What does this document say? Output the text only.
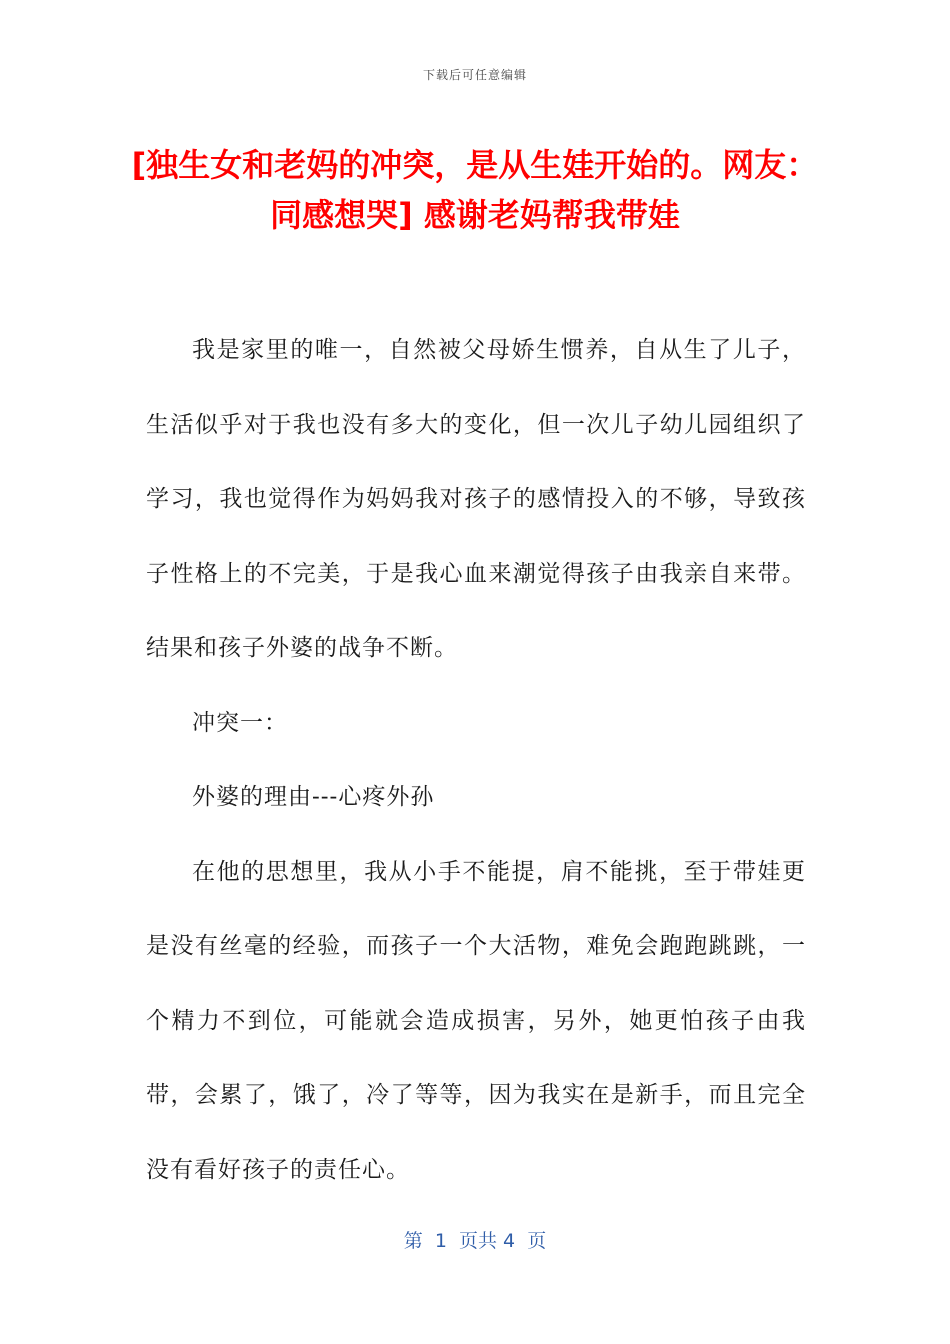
下载后可任意编辑
[独生女和老妈的冲突，是从生娃开始的。网友：同感想哭] 感谢老妈帮我带娃

我是家里的唯一，自然被父母娇生惯养，自从生了儿子，生活似乎对于我也没有多大的变化，但一次儿子幼儿园组织了学习，我也觉得作为妈妈我对孩子的感情投入的不够，导致孩子性格上的不完美，于是我心血来潮觉得孩子由我亲自来带。结果和孩子外婆的战争不断。

冲突一：

外婆的理由---心疼外孙

在他的思想里，我从小手不能提，肩不能挑，至于带娃更是没有丝毫的经验，而孩子一个大活物，难免会跑跑跳跳，一个精力不到位，可能就会造成损害，另外，她更怕孩子由我带，会累了，饿了，冷了等等，因为我实在是新手，而且完全没有看好孩子的责任心。

第  1  页共 4  页
